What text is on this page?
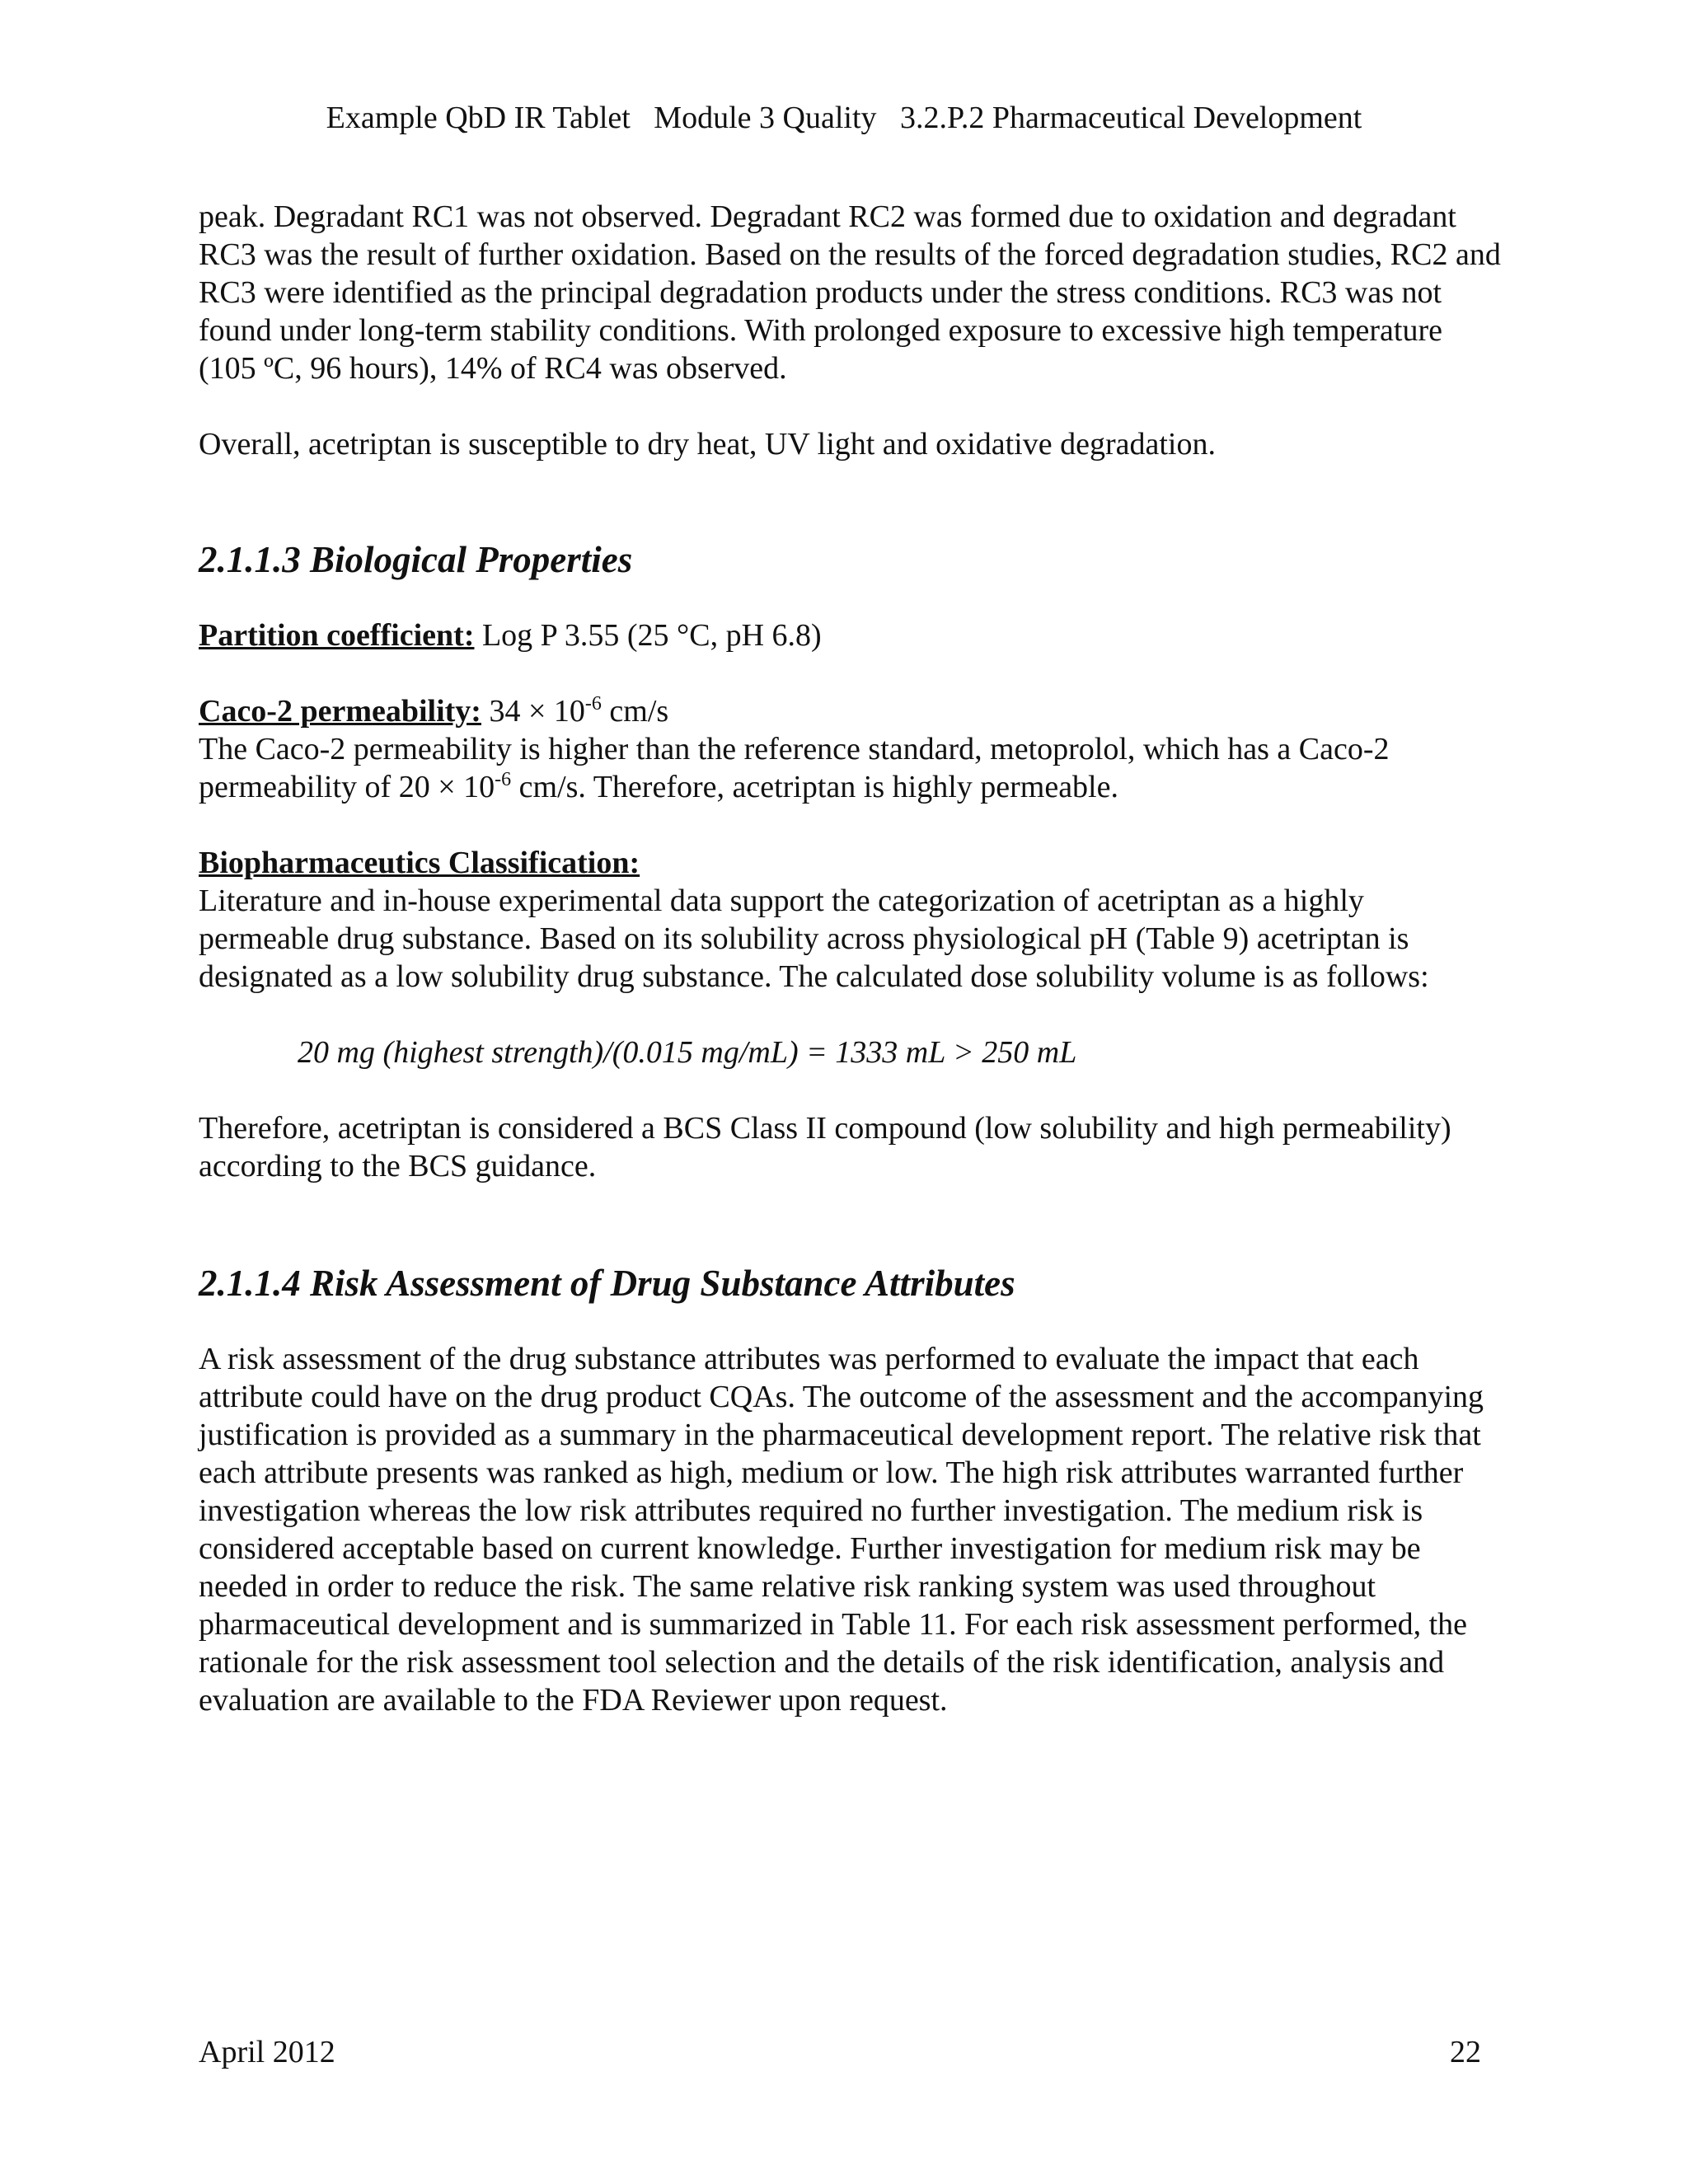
Example QbD IR Tablet   Module 3 Quality   3.2.P.2 Pharmaceutical Development

peak. Degradant RC1 was not observed. Degradant RC2 was formed due to oxidation and degradant RC3 was the result of further oxidation. Based on the results of the forced degradation studies, RC2 and RC3 were identified as the principal degradation products under the stress conditions. RC3 was not found under long-term stability conditions. With prolonged exposure to excessive high temperature (105 ºC, 96 hours), 14% of RC4 was observed.

Overall, acetriptan is susceptible to dry heat, UV light and oxidative degradation.

2.1.1.3 Biological Properties

Partition coefficient: Log P 3.55 (25 °C, pH 6.8)

Caco-2 permeability: $34 \times 10^{-6}$ cm/s

The Caco-2 permeability is higher than the reference standard, metoprolol, which has a Caco-2 permeability of $20 \times 10^{-6}$ cm/s. Therefore, acetriptan is highly permeable.

Biopharmaceutics Classification:

Literature and in-house experimental data support the categorization of acetriptan as a highly permeable drug substance. Based on its solubility across physiological pH (Table 9) acetriptan is designated as a low solubility drug substance. The calculated dose solubility volume is as follows:

20 mg (highest strength)/(0.015 mg/mL) = 1333 mL > 250 mL

Therefore, acetriptan is considered a BCS Class II compound (low solubility and high permeability) according to the BCS guidance.

2.1.1.4 Risk Assessment of Drug Substance Attributes

A risk assessment of the drug substance attributes was performed to evaluate the impact that each attribute could have on the drug product CQAs. The outcome of the assessment and the accompanying justification is provided as a summary in the pharmaceutical development report. The relative risk that each attribute presents was ranked as high, medium or low. The high risk attributes warranted further investigation whereas the low risk attributes required no further investigation. The medium risk is considered acceptable based on current knowledge. Further investigation for medium risk may be needed in order to reduce the risk. The same relative risk ranking system was used throughout pharmaceutical development and is summarized in Table 11. For each risk assessment performed, the rationale for the risk assessment tool selection and the details of the risk identification, analysis and evaluation are available to the FDA Reviewer upon request.

April 2012	22
